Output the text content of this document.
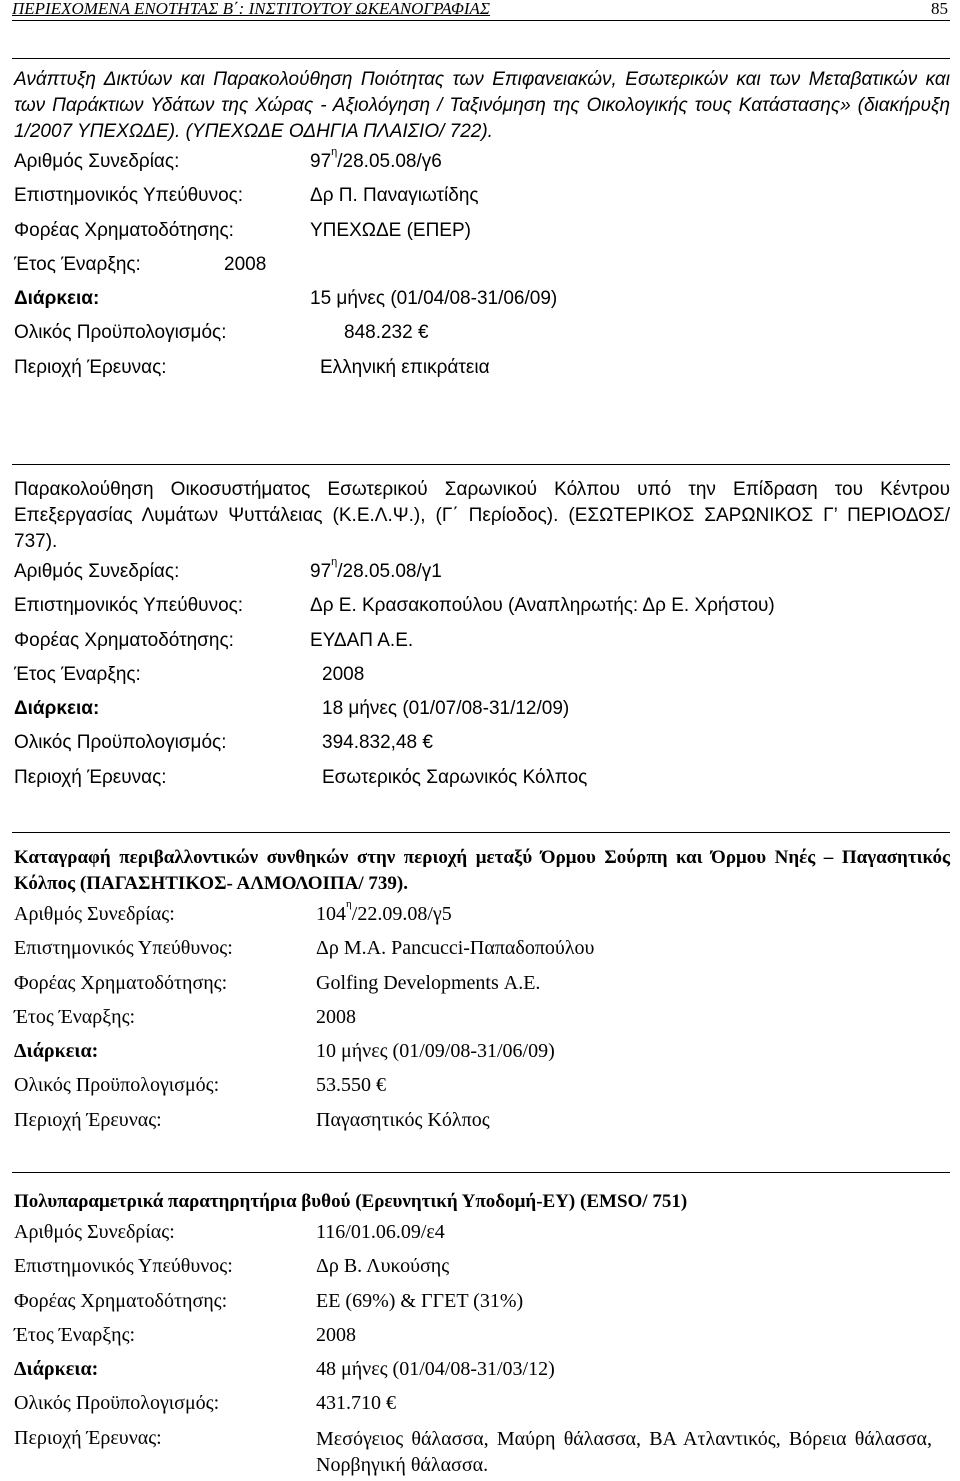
ΠΕΡΙΕΧΟΜΕΝΑ ΕΝΟΤΗΤΑΣ Β΄: ΙΝΣΤΙΤΟΥΤΟΥ ΩΚΕΑΝΟΓΡΑΦΙΑΣ	85
Ανάπτυξη Δικτύων και Παρακολούθηση Ποιότητας των Επιφανειακών, Εσωτερικών και των Μεταβατικών και των Παράκτιων Υδάτων της Χώρας - Αξιολόγηση / Ταξινόμηση της Οικολογικής τους Κατάστασης» (διακήρυξη 1/2007 ΥΠΕΧΩΔΕ). (ΥΠΕΧΩΔΕ ΟΔΗΓΙΑ ΠΛΑΙΣΙΟ/ 722).
Αριθμός Συνεδρίας:	$97^\eta/28.05.08/\gamma 6$
Επιστημονικός Υπεύθυνος:	Δρ Π. Παναγιωτίδης
Φορέας Χρηματοδότησης:	ΥΠΕΧΩΔΕ (ΕΠΕΡ)
Έτος Έναρξης:	2008
Διάρκεια:	15 μήνες (01/04/08-31/06/09)
Ολικός Προϋπολογισμός:	848.232 €
Περιοχή Έρευνας:	Ελληνική επικράτεια
Παρακολούθηση Οικοσυστήματος Εσωτερικού Σαρωνικού Κόλπου υπό την Επίδραση του Κέντρου Επεξεργασίας Λυμάτων Ψυττάλειας (Κ.Ε.Λ.Ψ.), (Γ΄ Περίοδος). (ΕΣΩΤΕΡΙΚΟΣ ΣΑΡΩΝΙΚΟΣ Γ’ ΠΕΡΙΟΔΟΣ/ 737).
Αριθμός Συνεδρίας:	$97^\eta/28.05.08/\gamma 1$
Επιστημονικός Υπεύθυνος:	Δρ Ε. Κρασακοπούλου (Αναπληρωτής: Δρ Ε. Χρήστου)
Φορέας Χρηματοδότησης:	ΕΥΔΑΠ Α.Ε.
Έτος Έναρξης:	2008
Διάρκεια:	18 μήνες (01/07/08-31/12/09)
Ολικός Προϋπολογισμός:	394.832,48 €
Περιοχή Έρευνας:	Εσωτερικός Σαρωνικός Κόλπος
Καταγραφή περιβαλλοντικών συνθηκών στην περιοχή μεταξύ Όρμου Σούρπη και Όρμου Νηές – Παγασητικός Κόλπος (ΠΑΓΑΣΗΤΙΚΟΣ- ΑΛΜΟΛΟΙΠΑ/ 739).
Αριθμός Συνεδρίας:	$104^\eta/22.09.08/\gamma 5$
Επιστημονικός Υπεύθυνος:	Δρ Μ.Α. Pancucci-Παπαδοπούλου
Φορέας Χρηματοδότησης:	Golfing Developments Α.Ε.
Έτος Έναρξης:	2008
Διάρκεια:	10 μήνες (01/09/08-31/06/09)
Ολικός Προϋπολογισμός:	53.550 €
Περιοχή Έρευνας:	Παγασητικός Κόλπος
Πολυπαραμετρικά παρατηρητήρια βυθού (Ερευνητική Υποδομή-ΕΥ) (EMSO/ 751)
Αριθμός Συνεδρίας:	116/01.06.09/ε4
Επιστημονικός Υπεύθυνος:	Δρ Β. Λυκούσης
Φορέας Χρηματοδότησης:	ΕΕ (69%) & ΓΓΕΤ (31%)
Έτος Έναρξης:	2008
Διάρκεια:	48 μήνες (01/04/08-31/03/12)
Ολικός Προϋπολογισμός:	431.710 €
Περιοχή Έρευνας:	Μεσόγειος θάλασσα, Μαύρη θάλασσα, ΒΑ Ατλαντικός, Βόρεια θάλασσα, Νορβηγική θάλασσα.
